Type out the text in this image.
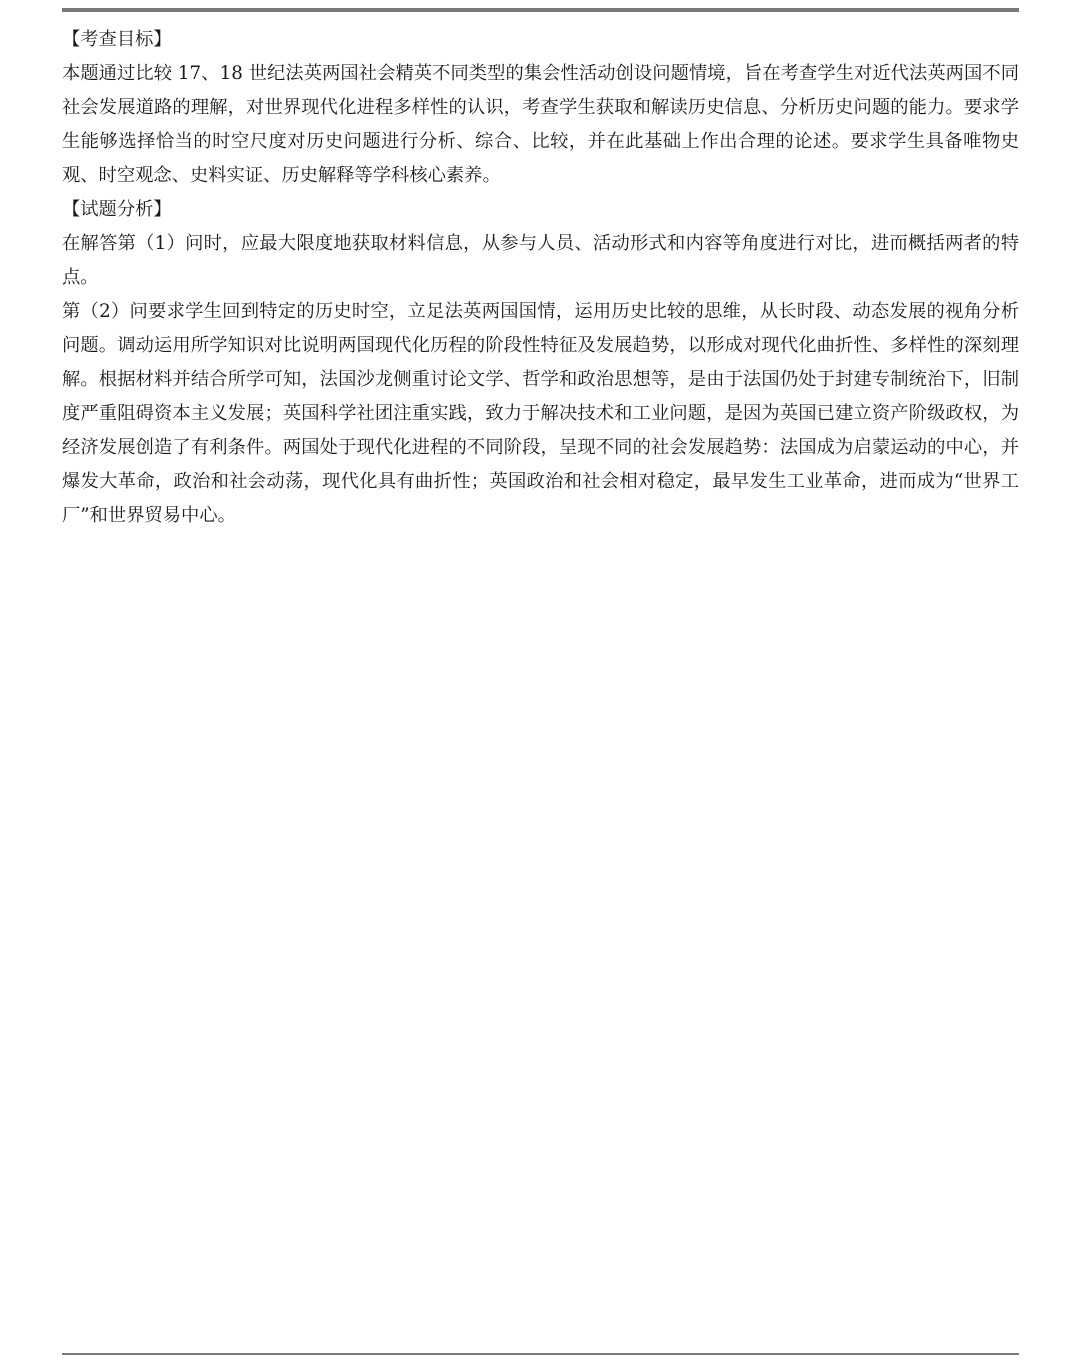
【考查目标】
本题通过比较 17、18 世纪法英两国社会精英不同类型的集会性活动创设问题情境，旨在考查学生对近代法英两国不同社会发展道路的理解，对世界现代化进程多样性的认识，考查学生获取和解读历史信息、分析历史问题的能力。要求学生能够选择恰当的时空尺度对历史问题进行分析、综合、比较，并在此基础上作出合理的论述。要求学生具备唯物史观、时空观念、史料实证、历史解释等学科核心素养。
【试题分析】
在解答第（1）问时，应最大限度地获取材料信息，从参与人员、活动形式和内容等角度进行对比，进而概括两者的特点。
第（2）问要求学生回到特定的历史时空，立足法英两国国情，运用历史比较的思维，从长时段、动态发展的视角分析问题。调动运用所学知识对比说明两国现代化历程的阶段性特征及发展趋势，以形成对现代化曲折性、多样性的深刻理解。根据材料并结合所学可知，法国沙龙侧重讨论文学、哲学和政治思想等，是由于法国仍处于封建专制统治下，旧制度严重阻碍资本主义发展；英国科学社团注重实践，致力于解决技术和工业问题，是因为英国已建立资产阶级政权，为经济发展创造了有利条件。两国处于现代化进程的不同阶段，呈现不同的社会发展趋势：法国成为启蒙运动的中心，并爆发大革命，政治和社会动荡，现代化具有曲折性；英国政治和社会相对稳定，最早发生工业革命，进而成为“世界工厂”和世界贸易中心。
